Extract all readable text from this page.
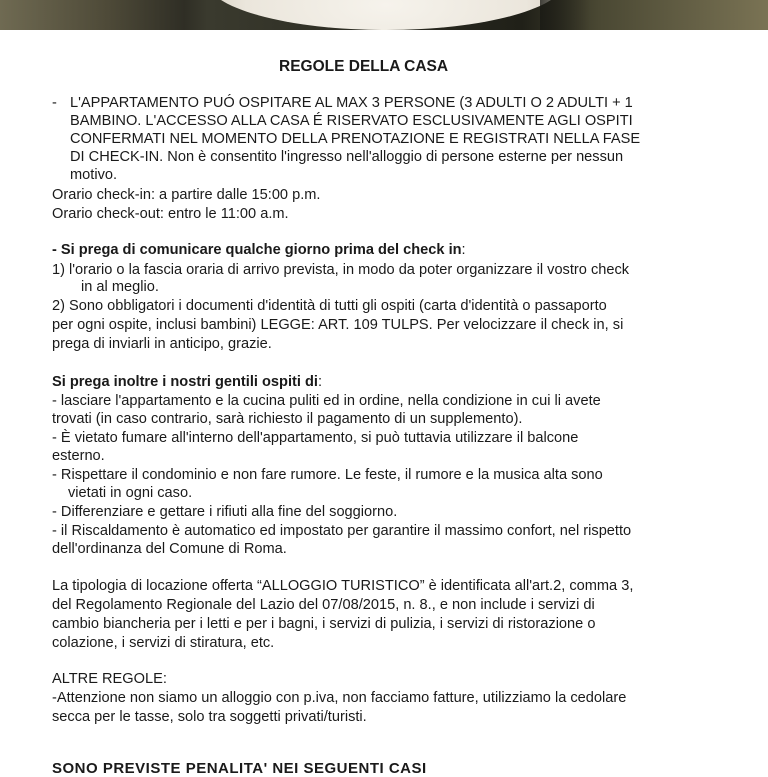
REGOLE DELLA CASA
- L'APPARTAMENTO PUÓ OSPITARE AL MAX 3 PERSONE (3 ADULTI O 2 ADULTI + 1
BAMBINO. L'ACCESSO ALLA CASA É RISERVATO ESCLUSIVAMENTE AGLI OSPITI
CONFERMATI NEL MOMENTO DELLA PRENOTAZIONE E REGISTRATI NELLA FASE
DI CHECK-IN. Non è consentito l'ingresso nell'alloggio di persone esterne per nessun
motivo.
Orario check-in: a partire dalle 15:00 p.m.
Orario check-out: entro le 11:00 a.m.
- Si prega di comunicare qualche giorno prima del check in:
1) l'orario o la fascia oraria di arrivo prevista, in modo da poter organizzare il vostro check
in al meglio.
2) Sono obbligatori i documenti d'identità di tutti gli ospiti (carta d'identità o passaporto
per ogni ospite, inclusi bambini) LEGGE: ART. 109 TULPS. Per velocizzare il check in, si
prega di inviarli in anticipo, grazie.
Si prega inoltre i nostri gentili ospiti di:
- lasciare l'appartamento e la cucina puliti ed in ordine, nella condizione in cui li avete
trovati (in caso contrario, sarà richiesto il pagamento di un supplemento).
- È vietato fumare all'interno dell'appartamento, si può tuttavia utilizzare il balcone
esterno.
- Rispettare il condominio e non fare rumore. Le feste, il rumore e la musica alta sono
vietati in ogni caso.
- Differenziare e gettare i rifiuti alla fine del soggiorno.
- il Riscaldamento è automatico ed impostato per garantire il massimo confort, nel rispetto
dell'ordinanza del Comune di Roma.
La tipologia di locazione offerta “ALLOGGIO TURISTICO” è identificata all'art.2, comma 3,
del Regolamento Regionale del Lazio del 07/08/2015, n. 8., e non include i servizi di
cambio biancheria per i letti e per i bagni, i servizi di pulizia, i servizi di ristorazione o
colazione, i servizi di stiratura, etc.
ALTRE REGOLE:
-Attenzione non siamo un alloggio con p.iva, non facciamo fatture, utilizziamo la cedolare
secca per le tasse, solo tra soggetti privati/turisti.
SONO PREVISTE PENALITA' NEI SEGUENTI CASI
